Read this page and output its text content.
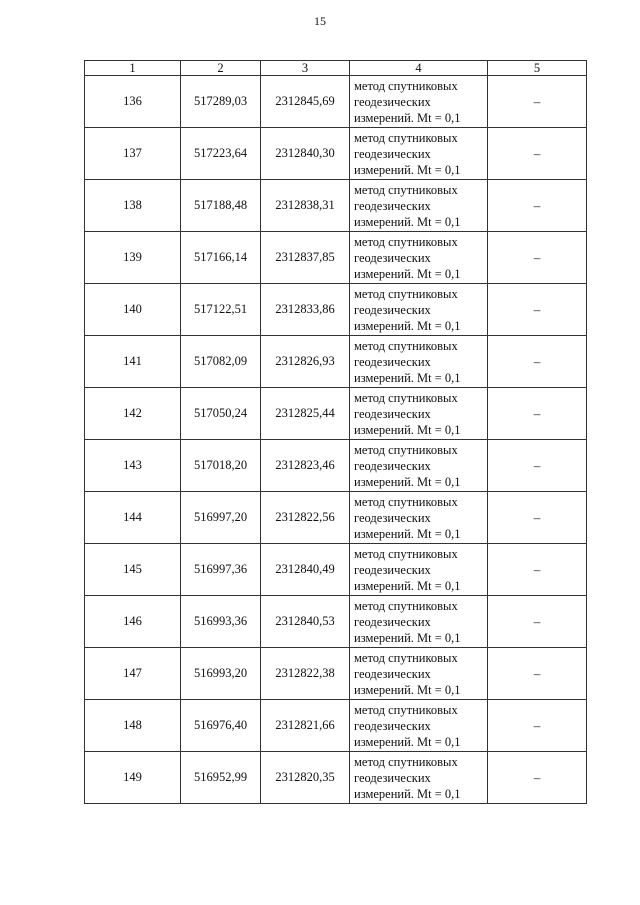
15
1	2	3	4	5
136	517289,03	2312845,69	метод спутниковых геодезических измерений. Mt = 0,1	–
137	517223,64	2312840,30	метод спутниковых геодезических измерений. Mt = 0,1	–
138	517188,48	2312838,31	метод спутниковых геодезических измерений. Mt = 0,1	–
139	517166,14	2312837,85	метод спутниковых геодезических измерений. Mt = 0,1	–
140	517122,51	2312833,86	метод спутниковых геодезических измерений. Mt = 0,1	–
141	517082,09	2312826,93	метод спутниковых геодезических измерений. Mt = 0,1	–
142	517050,24	2312825,44	метод спутниковых геодезических измерений. Mt = 0,1	–
143	517018,20	2312823,46	метод спутниковых геодезических измерений. Mt = 0,1	–
144	516997,20	2312822,56	метод спутниковых геодезических измерений. Mt = 0,1	–
145	516997,36	2312840,49	метод спутниковых геодезических измерений. Mt = 0,1	–
146	516993,36	2312840,53	метод спутниковых геодезических измерений. Mt = 0,1	–
147	516993,20	2312822,38	метод спутниковых геодезических измерений. Mt = 0,1	–
148	516976,40	2312821,66	метод спутниковых геодезических измерений. Mt = 0,1	–
149	516952,99	2312820,35	метод спутниковых геодезических измерений. Mt = 0,1	–
